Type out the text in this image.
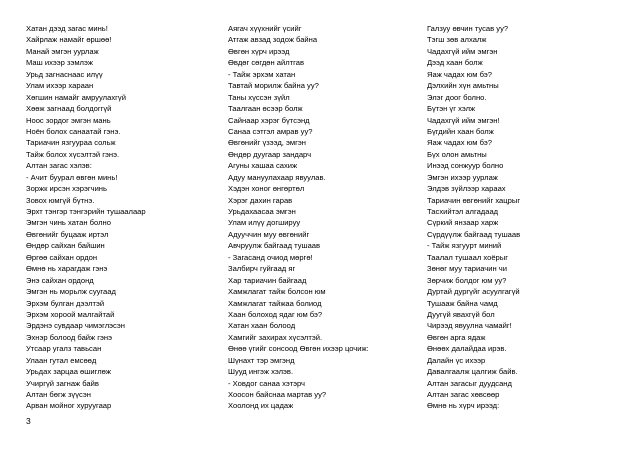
Хатан дээд загас минь!
Хайрлаж намайг өршөө!
Манай эмгэн уурлаж
Маш ихээр зэмлэж
Урьд загнаснаас илүү
Улам ихээр хараан
Хөгшин намайг амруулахгүй
Хөөж загнаад болдоггүй
Ноос зордог эмгэн мань
Ноён болох санаатай гэнэ.
Тариачин язгуураа сольж
Тайж болох хүсэлтэй гэнэ.
Алтан загас хэлэв:
- Ачит буурал өвгөн минь!
Зоржк ирсэн хэрэгчинь
Зовох юмгүй бүтнэ.
Эрхт тэнгэр тэнгэрийн тушаалаар
Эмгэн чинь хатан болно
Өвгөнийг буцааж иртэл
Өндөр сайхан байшин
Өргөө сайхан ордон
Өмнө нь харагдаж гэнэ
Энэ сайхан ордонд
Эмгэн нь морьлж суугаад
Эрхэм булган дээлтэй
Эрхэм хороой малгайтай
Эрдэнэ сувдаар чимэглэсэн
Эхнэр болоод байж гэнэ
Утсаар угалз тавьсан
Улаан гутал емсөөд
Урьдах зарцаа өшиглөж
Учиргүй загнаж байв
Алтан бөгж зүүсэн
Арван мойног хуруугаар
Аягач хүүхнийг үсийг
Атгаж авзад зодож байна
Өвгөн хүрч ирээд
Өвдөг сөгдөн айлтгав
- Тайж эрхэм хатан
Тавтай морилж байна уу?
Таны хүссэн зүйл
Таалгаан өсээр болж
Сайнаар хэрэг бүтсэнд
Санаа сэтгэл амрав уу?
Өвгөнийг үзээд, эмгэн
Өндөр дуугаар зандарч
Агуны хашаа сахиж
Адуу мануулахаар явуулав.
Хэдэн хоног өнгөртөл
Хэрэг дахин гарав
Урьдахаасаа эмгэн
Улам илүү догшируу
Адууччин муу өвгөнийг
Авчруулж байгаад тушаав
- Загасанд очиод мөргө!
Залбирч гуйгаад яг
Хар тариачин байгаад
Хамжлагат тайж болсон юм
Хамжлагат тайжаа болиод
Хаан болоход ядаг юм бэ?
Хатан хаан болоод
Хамгийг захирах хүсэлтэй.
Өнөө үгийг сонсоод Өвгөн ихээр цочиж:
Шүнахт тэр эмгэнд
Шууд ингэж хэлэв.
- Ховдог санаа хэтэрч
Хоосон байснаа мартав уу?
Хоолонд их цадаж
Галзуу өвчин тусав уу?
Тэгш зөв алхалж
Чадахгүй ийм эмгэн
Дээд хаан болж
Яаж чадах юм бэ?
Дэлхийн хүн амьтны
Элэг доог болно.
Бүтэн үг хэлж
Чадахгүй ийм эмгэн!
Бүгдийн хаан болж
Яаж чадах юм бэ?
Бүх олон амьтны
Инээд сонжуур болно
Эмгэн ихээр уурлаж
Элдэв зүйлээр хараах
Тариачин өвгөнийг хацрыг
Тасхийтэл алгадаад
Сүркий янзаар харж
Сүрдүүлж байгаад тушаав
- Тайж язгуурт миний
Таалал тушаал хоёрыг
Зөнөг муу тариачин чи
Зөрчиж болдог юм уу?
Дуртай дургүйг асуулгагүй
Тушааж байна чамд
Дуугүй явахгүй бол
Чирээд явуулна чамайг!
Өвгөн арга ядаж
Өнөөх далайдаа ирэв.
Далайн үс ихээр
Давалгаалж цалгиж байв.
Алтан загасыг дуудсанд
Алтан загас хөвсөөр
Өмнө нь хүрч ирээд:
3
